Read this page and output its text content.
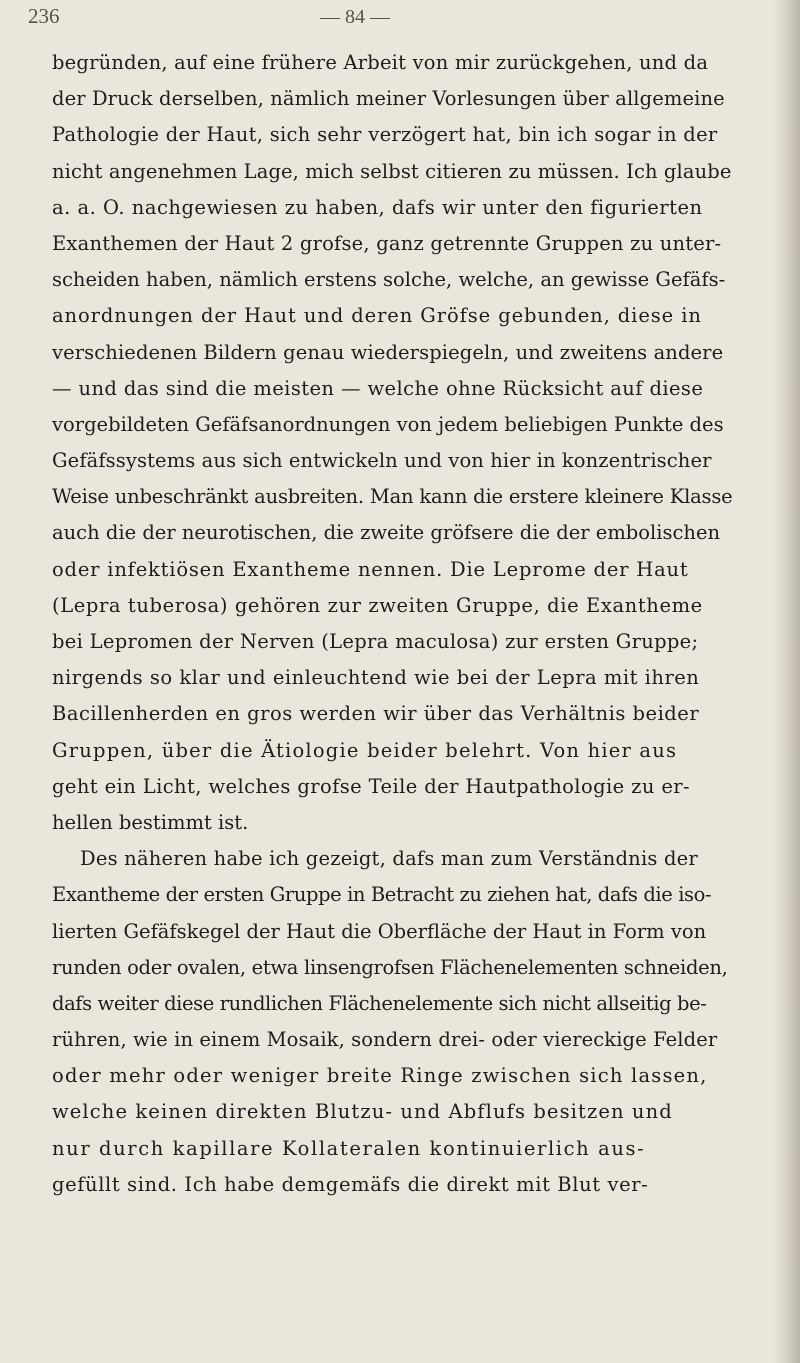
236	— 84 —
begründen, auf eine frühere Arbeit von mir zurückgehen, und da
der Druck derselben, nämlich meiner Vorlesungen über allgemeine
Pathologie der Haut, sich sehr verzögert hat, bin ich sogar in der
nicht angenehmen Lage, mich selbst citieren zu müssen. Ich glaube
a. a. O. nachgewiesen zu haben, dafs wir unter den figurierten
Exanthemen der Haut 2 grofse, ganz getrennte Gruppen zu unter-
scheiden haben, nämlich erstens solche, welche, an gewisse Gefäfs-
anordnungen der Haut und deren Gröfse gebunden, diese in
verschiedenen Bildern genau wiederspiegeln, und zweitens andere
— und das sind die meisten — welche ohne Rücksicht auf diese
vorgebildeten Gefäfsanordnungen von jedem beliebigen Punkte des
Gefäfssystems aus sich entwickeln und von hier in konzentrischer
Weise unbeschränkt ausbreiten. Man kann die erstere kleinere Klasse
auch die der neurotischen, die zweite gröfsere die der embolischen
oder infektiösen Exantheme nennen. Die Leprome der Haut
(Lepra tuberosa) gehören zur zweiten Gruppe, die Exantheme
bei Lepromen der Nerven (Lepra maculosa) zur ersten Gruppe;
nirgends so klar und einleuchtend wie bei der Lepra mit ihren
Bacillenherden en gros werden wir über das Verhältnis beider
Gruppen, über die Ätiologie beider belehrt. Von hier aus
geht ein Licht, welches grofse Teile der Hautpathologie zu er-
hellen bestimmt ist.
Des näheren habe ich gezeigt, dafs man zum Verständnis der
Exantheme der ersten Gruppe in Betracht zu ziehen hat, dafs die iso-
lierten Gefäfskegel der Haut die Oberfläche der Haut in Form von
runden oder ovalen, etwa linsengrofsen Flächenelementen schneiden,
dafs weiter diese rundlichen Flächenelemente sich nicht allseitig be-
rühren, wie in einem Mosaik, sondern drei- oder viereckige Felder
oder mehr oder weniger breite Ringe zwischen sich lassen,
welche keinen direkten Blutzu- und Abflufs besitzen und
nur durch kapillare Kollateralen kontinuierlich aus-
gefüllt sind. Ich habe demgemäfs die direkt mit Blut ver-
